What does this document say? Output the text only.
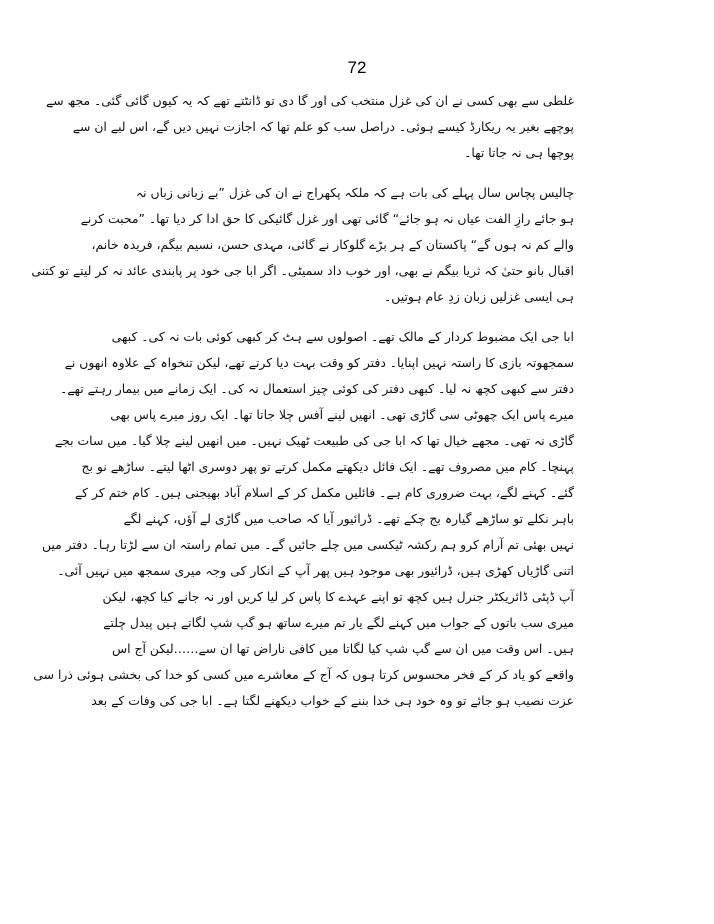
72

غلطی سے بھی کسی نے ان کی غزل منتخب کی اور گا دی تو ڈانٹتے تھے کہ یہ کیوں گائی گئی۔ مجھ سے
پوچھے بغیر یہ ریکارڈ کیسے ہوئی۔ دراصل سب کو علم تھا کہ اجازت نہیں دیں گے، اس لیے ان سے
پوچھا ہی نہ جاتا تھا۔

چالیس پچاس سال پہلے کی بات ہے کہ ملکہ پکھراج نے ان کی غزل ”بے زبانی زباں نہ
ہو جائے رازِ الفت عیاں نہ ہو جائے“ گائی تھی اور غزل گائیکی کا حق ادا کر دیا تھا۔ ”محبت کرنے
والے کم نہ ہوں گے“ پاکستان کے ہر بڑے گلوکار نے گائی، مہدی حسن، نسیم بیگم، فریدہ خانم،
اقبال بانو حتیٰ کہ ثریا بیگم نے بھی، اور خوب داد سمیٹی۔ اگر ابا جی خود پر پابندی عائد نہ کر لیتے تو کتنی
ہی ایسی غزلیں زبان زدِ عام ہوتیں۔

ابا جی ایک مضبوط کردار کے مالک تھے۔ اصولوں سے ہٹ کر کبھی کوئی بات نہ کی۔ کبھی
سمجھوتہ بازی کا راستہ نہیں اپنایا۔ دفتر کو وقت بہت دیا کرتے تھے، لیکن تنخواہ کے علاوہ انھوں نے
دفتر سے کبھی کچھ نہ لیا۔ کبھی دفتر کی کوئی چیز استعمال نہ کی۔ ایک زمانے میں بیمار رہتے تھے۔
میرے پاس ایک چھوٹی سی گاڑی تھی۔ انھیں لینے آفس چلا جاتا تھا۔ ایک روز میرے پاس بھی
گاڑی نہ تھی۔ مجھے خیال تھا کہ ابا جی کی طبیعت ٹھیک نہیں۔ میں انھیں لینے چلا گیا۔ میں سات بجے
پہنچا۔ کام میں مصروف تھے۔ ایک فائل دیکھتے مکمل کرتے تو پھر دوسری اٹھا لیتے۔ ساڑھے نو بج
گئے۔ کہنے لگے، بہت ضروری کام ہے۔ فائلیں مکمل کر کے اسلام آباد بھیجنی ہیں۔ کام ختم کر کے
باہر نکلے تو ساڑھے گیارہ بج چکے تھے۔ ڈرائیور آیا کہ صاحب میں گاڑی لے آؤں، کہنے لگے
نہیں بھئی تم آرام کرو ہم رکشہ ٹیکسی میں چلے جائیں گے۔ میں تمام راستہ ان سے لڑتا رہا۔ دفتر میں
اتنی گاڑیاں کھڑی ہیں، ڈرائیور بھی موجود ہیں پھر آپ کے انکار کی وجہ میری سمجھ میں نہیں آئی۔
آپ ڈپٹی ڈائریکٹر جنرل ہیں کچھ تو اپنے عہدے کا پاس کر لیا کریں اور نہ جانے کیا کچھ، لیکن
میری سب باتوں کے جواب میں کہنے لگے یار تم میرے ساتھ ہو گپ شپ لگاتے ہیں پیدل چلتے
ہیں۔ اس وقت میں ان سے گپ شپ کیا لگاتا میں کافی ناراض تھا ان سے……لیکن آج اس
واقعے کو یاد کر کے فخر محسوس کرتا ہوں کہ آج کے معاشرے میں کسی کو خدا کی بخشی ہوئی ذرا سی
عزت نصیب ہو جائے تو وہ خود ہی خدا بننے کے خواب دیکھنے لگتا ہے۔ ابا جی کی وفات کے بعد
